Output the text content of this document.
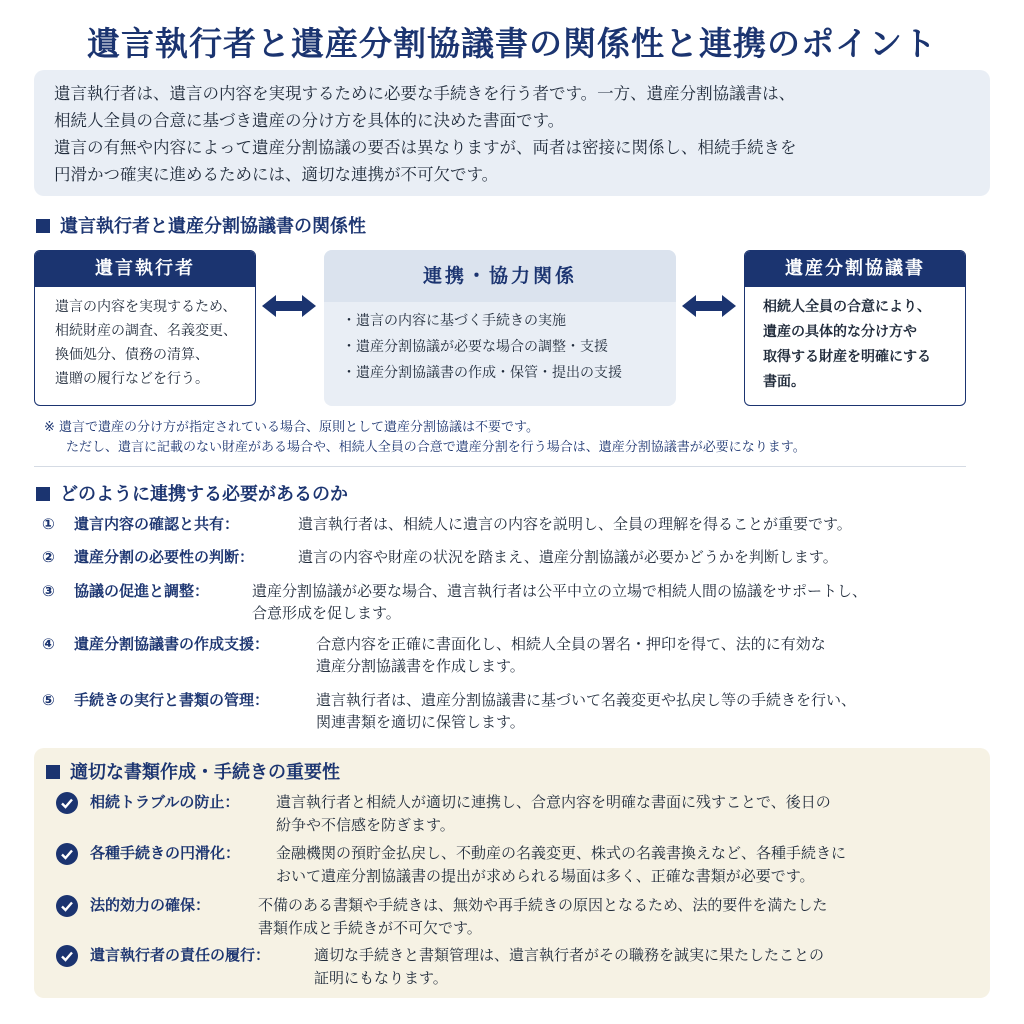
遺言執行者と遺産分割協議書の関係性と連携のポイント

遺言執行者は、遺言の内容を実現するために必要な手続きを行う者です。一方、遺産分割協議書は、

相続人全員の合意に基づき遺産の分け方を具体的に決めた書面です。

遺言の有無や内容によって遺産分割協議の要否は異なりますが、両者は密接に関係し、相続手続きを

円滑かつ確実に進めるためには、適切な連携が不可欠です。

遺言執行者と遺産分割協議書の関係性
遺言執行者
遺言の内容を実現するため、
相続財産の調査、名義変更、
換価処分、債務の清算、
遺贈の履行などを行う。
連携・協力関係
・遺言の内容に基づく手続きの実施
・遺産分割協議が必要な場合の調整・支援
・遺産分割協議書の作成・保管・提出の支援
遺産分割協議書
相続人全員の合意により、
遺産の具体的な分け方や
取得する財産を明確にする
書面。
※ 遺言で遺産の分け方が指定されている場合、原則として遺産分割協議は不要です。
ただし、遺言に記載のない財産がある場合や、相続人全員の合意で遺産分割を行う場合は、遺産分割協議書が必要になります。
どのように連携する必要があるのか
① 遺言内容の確認と共有：	遺言執行者は、相続人に遺言の内容を説明し、全員の理解を得ることが重要です。
② 遺産分割の必要性の判断：	遺言の内容や財産の状況を踏まえ、遺産分割協議が必要かどうかを判断します。
③ 協議の促進と調整：	遺産分割協議が必要な場合、遺言執行者は公平中立の立場で相続人間の協議をサポートし、
合意形成を促します。
④ 遺産分割協議書の作成支援：	合意内容を正確に書面化し、相続人全員の署名・押印を得て、法的に有効な
遺産分割協議書を作成します。
⑤ 手続きの実行と書類の管理：	遺言執行者は、遺産分割協議書に基づいて名義変更や払戻し等の手続きを行い、
関連書類を適切に保管します。
適切な書類作成・手続きの重要性
相続トラブルの防止： 遺言執行者と相続人が適切に連携し、合意内容を明確な書面に残すことで、後日の
紛争や不信感を防ぎます。
各種手続きの円滑化： 金融機関の預貯金払戻し、不動産の名義変更、株式の名義書換えなど、各種手続きに
おいて遺産分割協議書の提出が求められる場面は多く、正確な書類が必要です。
法的効力の確保：	不備のある書類や手続きは、無効や再手続きの原因となるため、法的要件を満たした
書類作成と手続きが不可欠です。
遺言執行者の責任の履行：	適切な手続きと書類管理は、遺言執行者がその職務を誠実に果たしたことの
証明にもなります。
